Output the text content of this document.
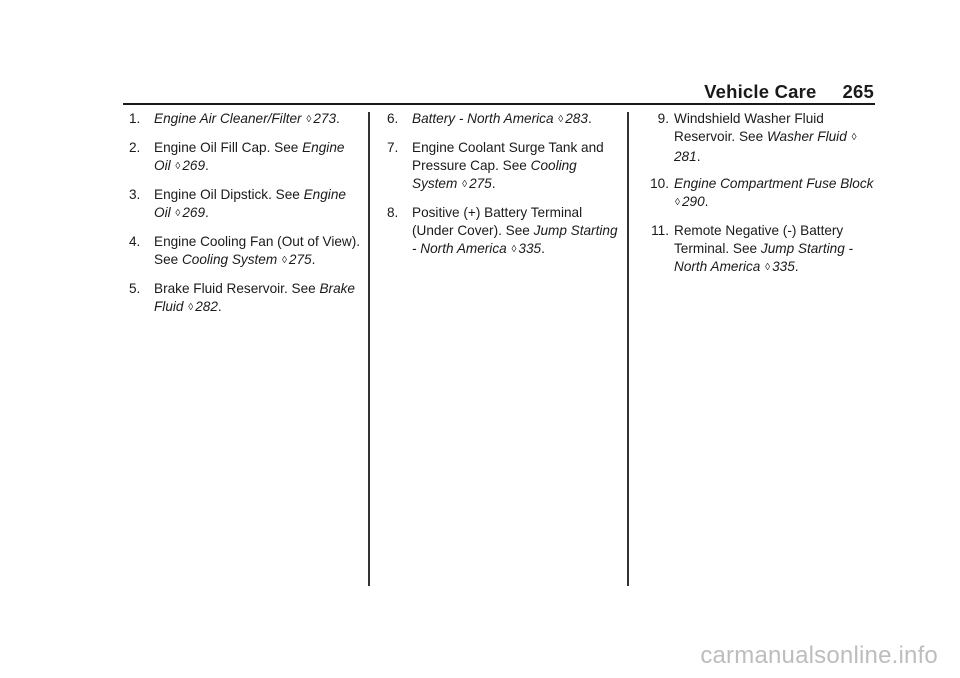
Vehicle Care 265
1. Engine Air Cleaner/Filter ◊ 273.
2. Engine Oil Fill Cap. See Engine Oil ◊ 269.
3. Engine Oil Dipstick. See Engine Oil ◊ 269.
4. Engine Cooling Fan (Out of View). See Cooling System ◊ 275.
5. Brake Fluid Reservoir. See Brake Fluid ◊ 282.
6. Battery - North America ◊ 283.
7. Engine Coolant Surge Tank and Pressure Cap. See Cooling System ◊ 275.
8. Positive (+) Battery Terminal (Under Cover). See Jump Starting - North America ◊ 335.
9. Windshield Washer Fluid Reservoir. See Washer Fluid ◊281.
10. Engine Compartment Fuse Block ◊ 290.
11. Remote Negative (-) Battery Terminal. See Jump Starting - North America ◊ 335.
carmanualsonline.info
